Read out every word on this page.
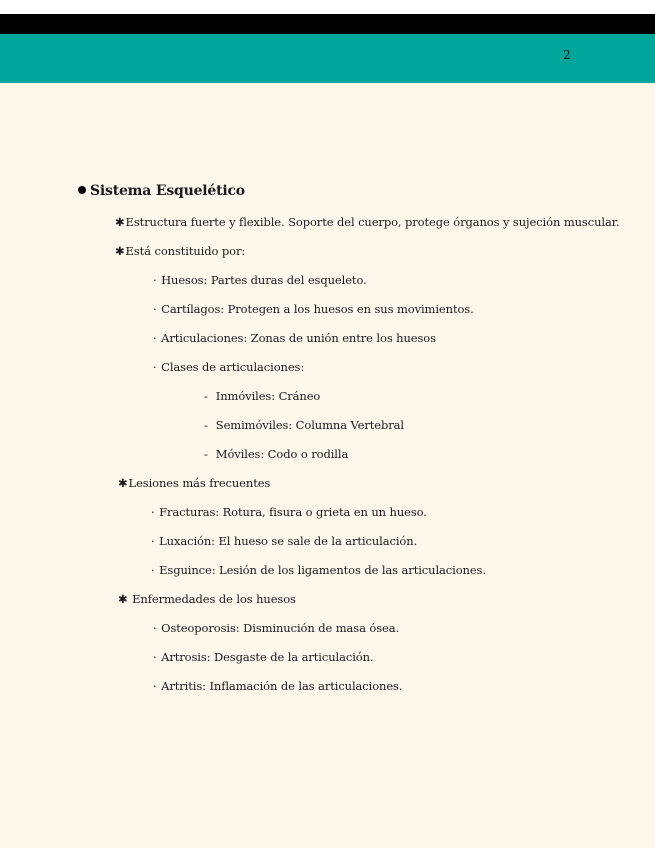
2
Sistema Esquelético
✱Estructura fuerte y flexible. Soporte del cuerpo, protege órganos y sujeción muscular.
✱Está constituido por:
· Huesos: Partes duras del esqueleto.
· Cartílagos: Protegen a los huesos en sus movimientos.
· Articulaciones: Zonas de unión entre los huesos
· Clases de articulaciones:
- Inmóviles: Cráneo
- Semimóviles: Columna Vertebral
- Móviles: Codo o rodilla
✱Lesiones más frecuentes
· Fracturas: Rotura, fisura o grieta en un hueso.
· Luxación: El hueso se sale de la articulación.
· Esguince: Lesión de los ligamentos de las articulaciones.
✱ Enfermedades de los huesos
· Osteoporosis: Disminución de masa ósea.
· Artrosis: Desgaste de la articulación.
· Artritis: Inflamación de las articulaciones.
